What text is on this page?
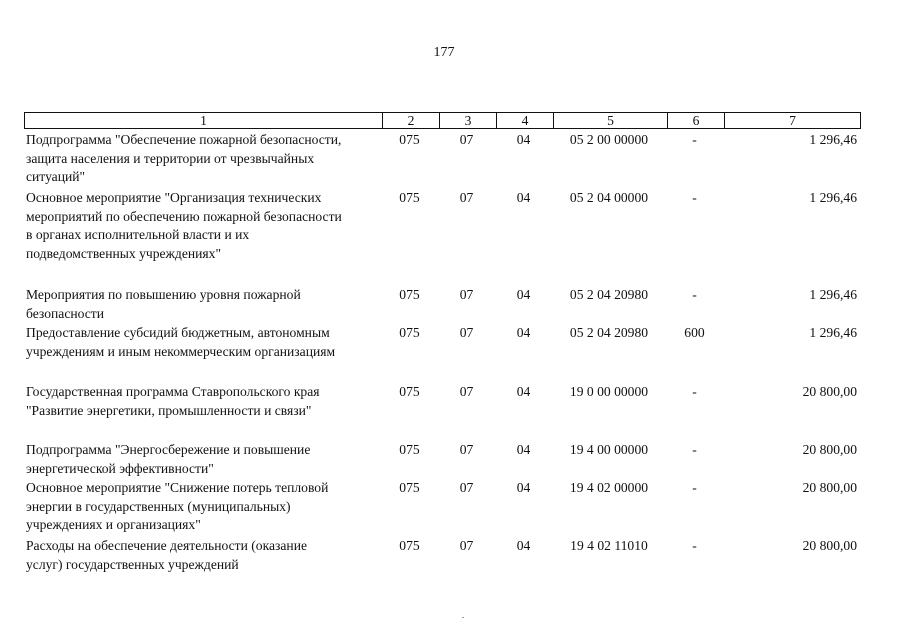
177
1	2	3	4	5	6	7
Подпрограмма "Обеспечение пожарной безопасности,
защита населения и территории от чрезвычайных
ситуаций"
075	07	04	05 2 00 00000	-	1 296,46
Основное мероприятие "Организация технических
мероприятий по обеспечению пожарной безопасности
в органах исполнительной власти и их
подведомственных учреждениях"
075	07	04	05 2 04 00000	-	1 296,46
Мероприятия по повышению уровня пожарной
безопасности
075	07	04	05 2 04 20980	-	1 296,46
Предоставление субсидий бюджетным, автономным
учреждениям и иным некоммерческим организациям
075	07	04	05 2 04 20980	600	1 296,46
Государственная программа Ставропольского края
"Развитие энергетики, промышленности и связи"
075	07	04	19 0 00 00000	-	20 800,00
Подпрограмма "Энергосбережение и повышение
энергетической эффективности"
075	07	04	19 4 00 00000	-	20 800,00
Основное мероприятие "Снижение потерь тепловой
энергии в государственных (муниципальных)
учреждениях и организациях"
075	07	04	19 4 02 00000	-	20 800,00
Расходы на обеспечение деятельности (оказание
услуг) государственных учреждений
075	07	04	19 4 02 11010	-	20 800,00
